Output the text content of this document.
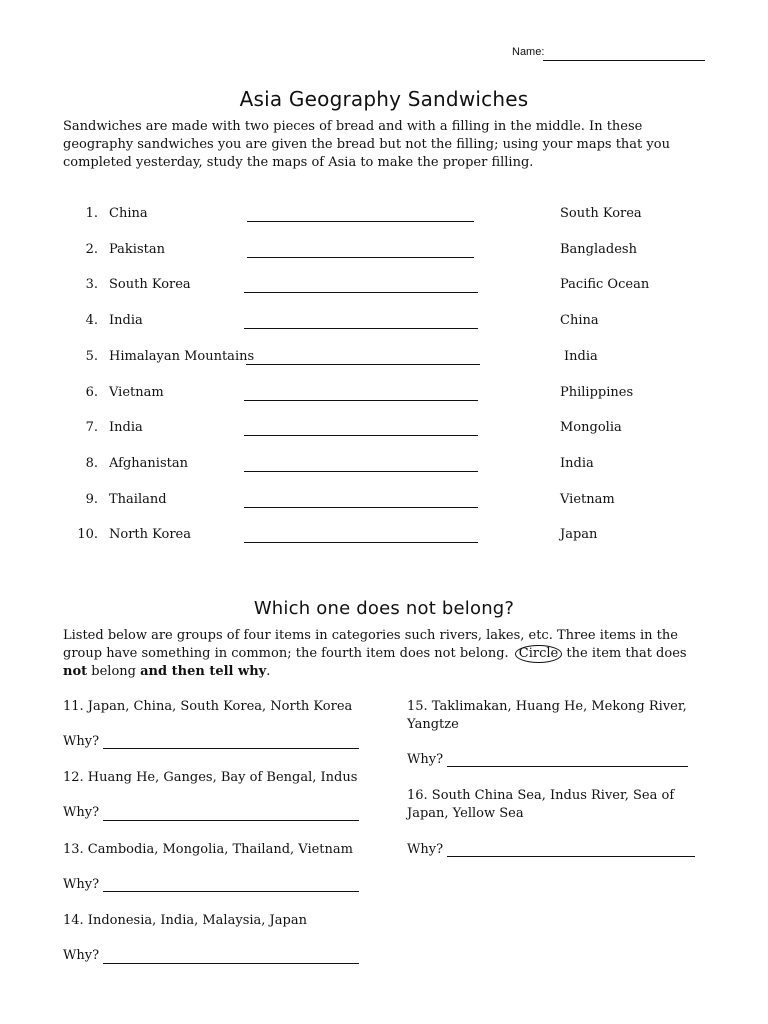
Name:
Asia Geography Sandwiches
Sandwiches are made with two pieces of bread and with a filling in the middle. In these geography sandwiches you are given the bread but not the filling; using your maps that you completed yesterday, study the maps of Asia to make the proper filling.
1. China	South Korea
2. Pakistan	Bangladesh
3. South Korea	Pacific Ocean
4. India	China
5. Himalayan Mountains	India
6. Vietnam	Philippines
7. India	Mongolia
8. Afghanistan	India
9. Thailand	Vietnam
10. North Korea	Japan
Which one does not belong?
Listed below are groups of four items in categories such rivers, lakes, etc. Three items in the group have something in common; the fourth item does not belong. Circle the item that does not belong and then tell why.
11. Japan, China, South Korea, North Korea
Why?
12. Huang He, Ganges, Bay of Bengal, Indus
Why?
13. Cambodia, Mongolia, Thailand, Vietnam
Why?
14. Indonesia, India, Malaysia, Japan
Why?
15. Taklimakan, Huang He, Mekong River, Yangtze
Why?
16. South China Sea, Indus River, Sea of Japan, Yellow Sea
Why?
